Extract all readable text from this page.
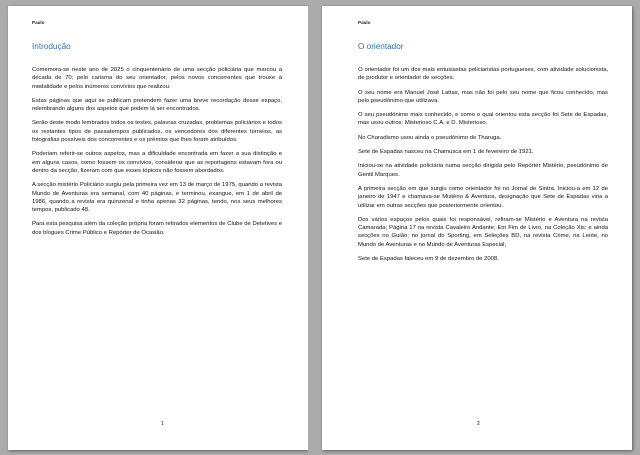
Paulo
Introdução

Comemora-se neste ano de 2025 o cinquentenário de uma secção policiária que marcou a década de 70; pelo carisma do seu orientador, pelos novos concorrentes que trouxe à modalidade e pelos inúmeros convívios que realizou.

Estas páginas que aqui se publicam pretendem fazer uma breve recordação desse espaço, relembrando alguns dos aspetos que podem lá ser encontrados.

Serão deste modo lembrados todos os testes, palavras cruzadas, problemas policiários e todos os restantes tipos de passatempos publicados, os vencedores dos diferentes torneios, as fotografias possíveis dos concorrentes e os prémios que lhes foram atribuídos.

Poderiam referir-se outros aspetos, mas a dificuldade encontrada em fazer a sua distinção e em alguns casos, como fossem os convívios, considerar que as reportagens estavam fora ou dentro da secção, fizeram com que esses tópicos não fossem abordados.

A secção mistério Policiário surgiu pela primeira vez em 13 de março de 1975, quando a revista Mundo de Aventuras era semanal, com 40 páginas, e terminou, exangue, em 1 de abril de 1986, quando a revista era quinzenal e tinha apenas 32 páginas, tendo, nos seus melhores tempos, publicado 48.

Para esta pesquisa além da coleção própria foram retirados elementos de Clube de Detetives e dos blogues Crime Público e Repórter de Ocasião.

1
Paulo
O orientador

O orientador foi um dos mais entusiastas policiaristas portugueses, com atividade solucionista, de produtor e orientador de secções.

O seu nome era Manuel José Lattas, mas não foi pelo seu nome que ficou conhecido, mas pelo pseudónimo que utilizava.

O seu pseudónimo mais conhecido, e como o qual orientou esta secção foi Sete de Espadas, mas usou outros: Misterioso C.A. e D. Misterioso.

No Charadismo usou ainda o pseudónimo de Tharuga.

Sete de Espadas nasceu na Chamusca em 1 de fevereiro de 1921.

Iniciou-se na atividade policiária numa secção dirigida pelo Repórter Mistério, pseudónimo de Gentil Marques.

A primeira secção em que surgiu como orientador foi no Jornal de Sintra. Iniciou-a em 12 de janeiro de 1947 e chamava-se Mistério & Aventura, designação que Sete de Espadas viria a utilizar em outras secções que posteriormente orientou.

Dos vários espaços pelos quais foi responsável, refiram-se Mistério e Aventura na revista Camarada; Página 17 na revista Cavaleiro Andante; Em Fim de Livro, na Coleção Xis; e ainda secções no Guião; no jornal do Sporting, em Seleções BD, na revista Crime, na Lente, no Mundo de Aventuras e no Mundo de Aventuras Especial,

Sete de Espadas faleceu em 9 de dezembro de 2008.

2
